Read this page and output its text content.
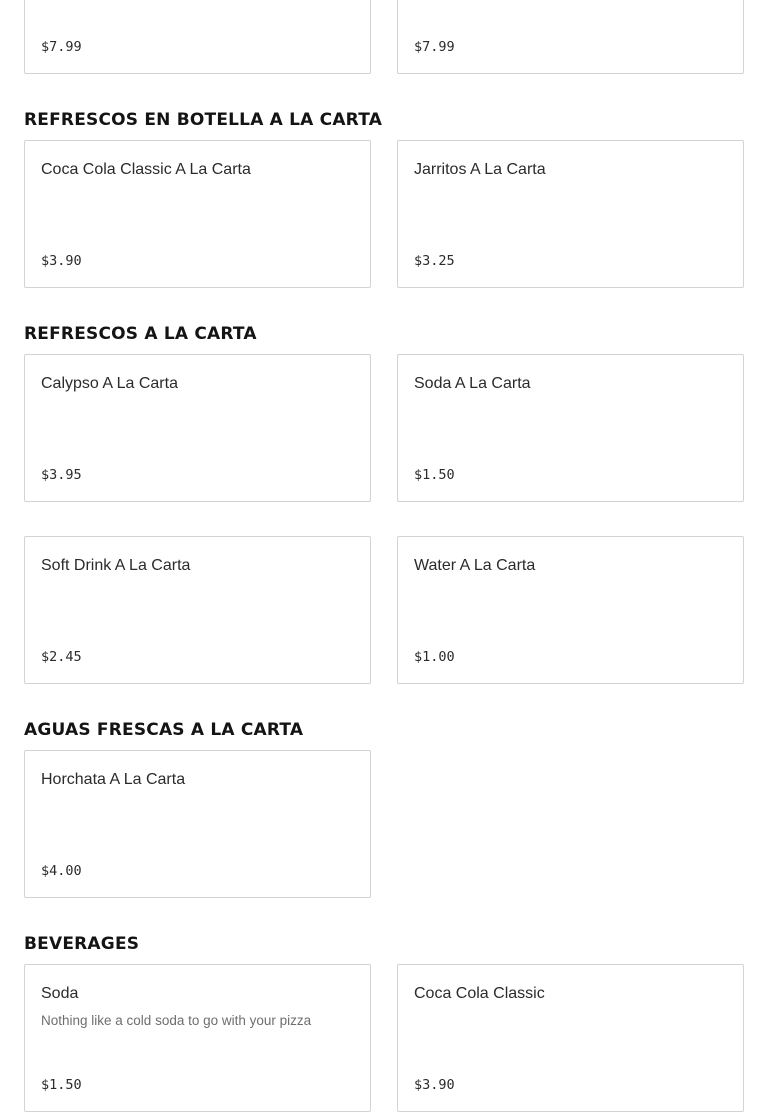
$7.99	$7.99
REFRESCOS EN BOTELLA A LA CARTA
Coca Cola Classic A La Carta
$3.90
Jarritos A La Carta
$3.25
REFRESCOS A LA CARTA
Calypso A La Carta
$3.95
Soda A La Carta
$1.50
Soft Drink A La Carta
$2.45
Water A La Carta
$1.00
AGUAS FRESCAS A LA CARTA
Horchata A La Carta
$4.00
BEVERAGES
Soda
Nothing like a cold soda to go with your pizza
$1.50
Coca Cola Classic
$3.90
